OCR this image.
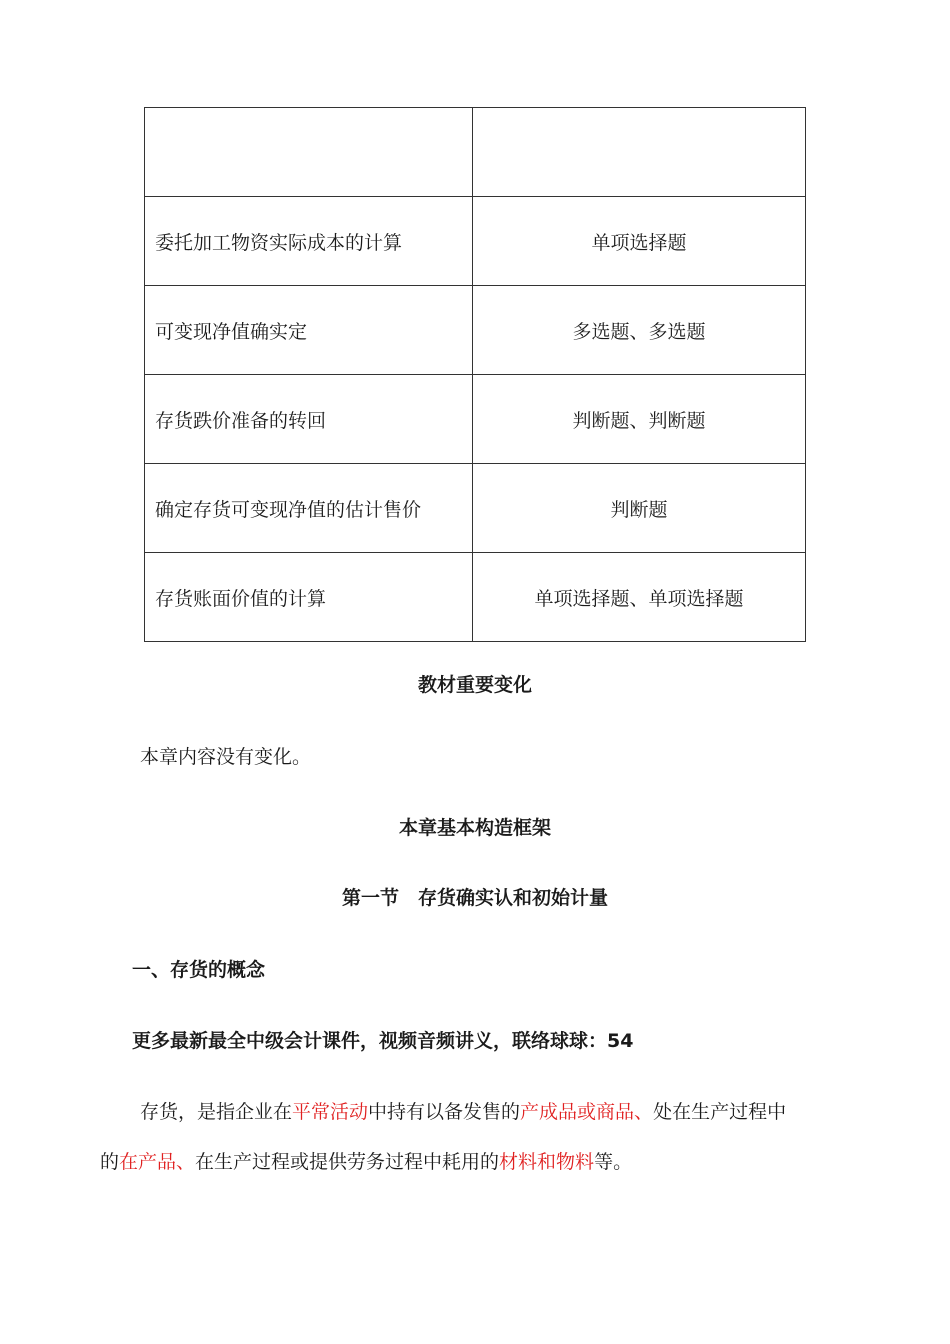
委托加工物资实际成本的计算	单项选择题
可变现净值确实定	多选题、多选题
存货跌价准备的转回	判断题、判断题
确定存货可变现净值的估计售价	判断题
存货账面价值的计算	单项选择题、单项选择题
教材重要变化
本章内容没有变化。
本章基本构造框架
第一节　存货确实认和初始计量
一、存货的概念
更多最新最全中级会计课件，视频音频讲义，联络球球：54
存货，是指企业在平常活动中持有以备发售的产成品或商品、处在生产过程中
的在产品、在生产过程或提供劳务过程中耗用的材料和物料等。
